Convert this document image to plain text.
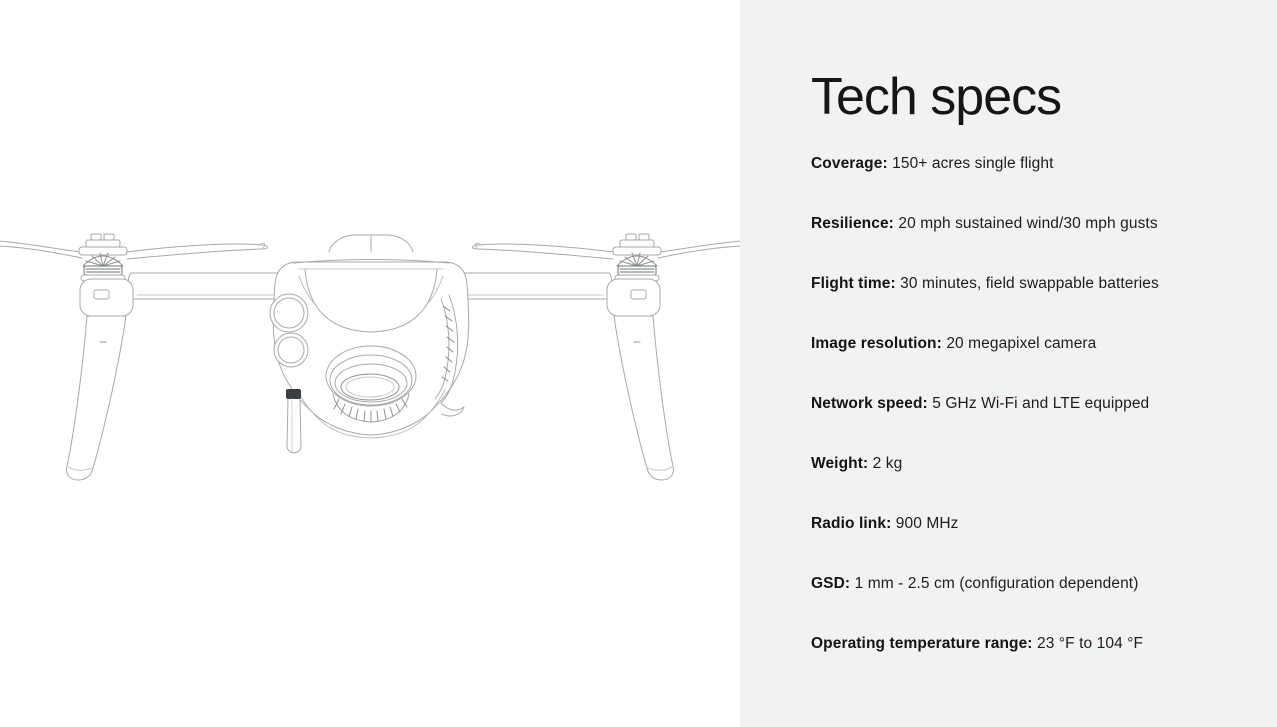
Tech specs

Coverage: 150+ acres single flight

Resilience: 20 mph sustained wind/30 mph gusts

Flight time: 30 minutes, field swappable batteries

Image resolution: 20 megapixel camera

Network speed: 5 GHz Wi-Fi and LTE equipped

Weight: 2 kg

Radio link: 900 MHz

GSD: 1 mm - 2.5 cm (configuration dependent)

Operating temperature range: 23 °F to 104 °F
